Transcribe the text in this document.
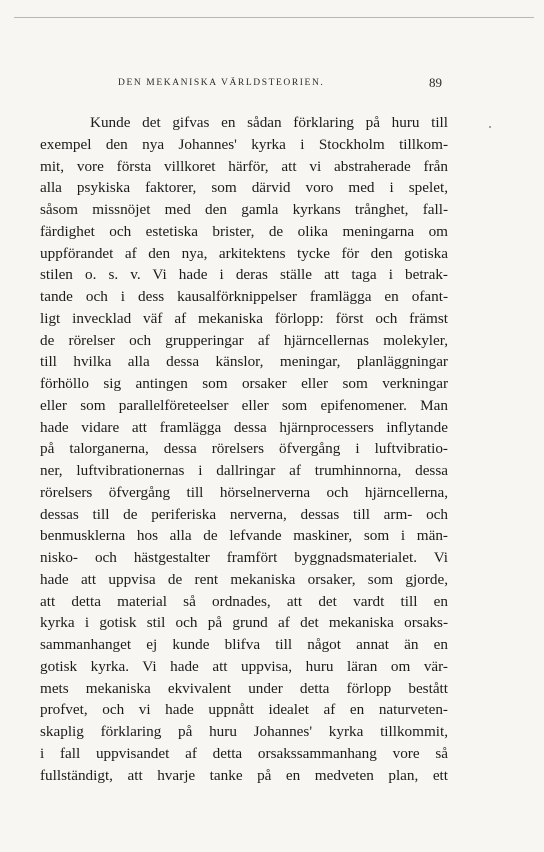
DEN MEKANISKA VÄRLDSTEORIEN.	89
Kunde det gifvas en sådan förklaring på huru till
exempel den nya Johannes' kyrka i Stockholm tillkom-
mit, vore första villkoret härför, att vi abstraherade från
alla psykiska faktorer, som därvid voro med i spelet,
såsom missnöjet med den gamla kyrkans trånghet, fall-
färdighet och estetiska brister, de olika meningarna om
uppförandet af den nya, arkitektens tycke för den gotiska
stilen o. s. v. Vi hade i deras ställe att taga i betrak-
tande och i dess kausalförknippelser framlägga en ofant-
ligt invecklad väf af mekaniska förlopp: först och främst
de rörelser och grupperingar af hjärncellernas molekyler,
till hvilka alla dessa känslor, meningar, planläggningar
förhöllo sig antingen som orsaker eller som verkningar
eller som parallelföreteelser eller som epifenomener. Man
hade vidare att framlägga dessa hjärnprocessers inflytande
på talorganerna, dessa rörelsers öfvergång i luftvibratio-
ner, luftvibrationernas i dallringar af trumhinnorna, dessa
rörelsers öfvergång till hörselnerverna och hjärncellerna,
dessas till de periferiska nerverna, dessas till arm- och
benmusklerna hos alla de lefvande maskiner, som i män-
nisko- och hästgestalter framfört byggnadsmaterialet. Vi
hade att uppvisa de rent mekaniska orsaker, som gjorde,
att detta material så ordnades, att det vardt till en
kyrka i gotisk stil och på grund af det mekaniska orsaks-
sammanhanget ej kunde blifva till något annat än en
gotisk kyrka. Vi hade att uppvisa, huru läran om vär-
mets mekaniska ekvivalent under detta förlopp bestått
profvet, och vi hade uppnått idealet af en naturveten-
skaplig förklaring på huru Johannes' kyrka tillkommit,
i fall uppvisandet af detta orsakssammanhang vore så
fullständigt, att hvarje tanke på en medveten plan, ett
